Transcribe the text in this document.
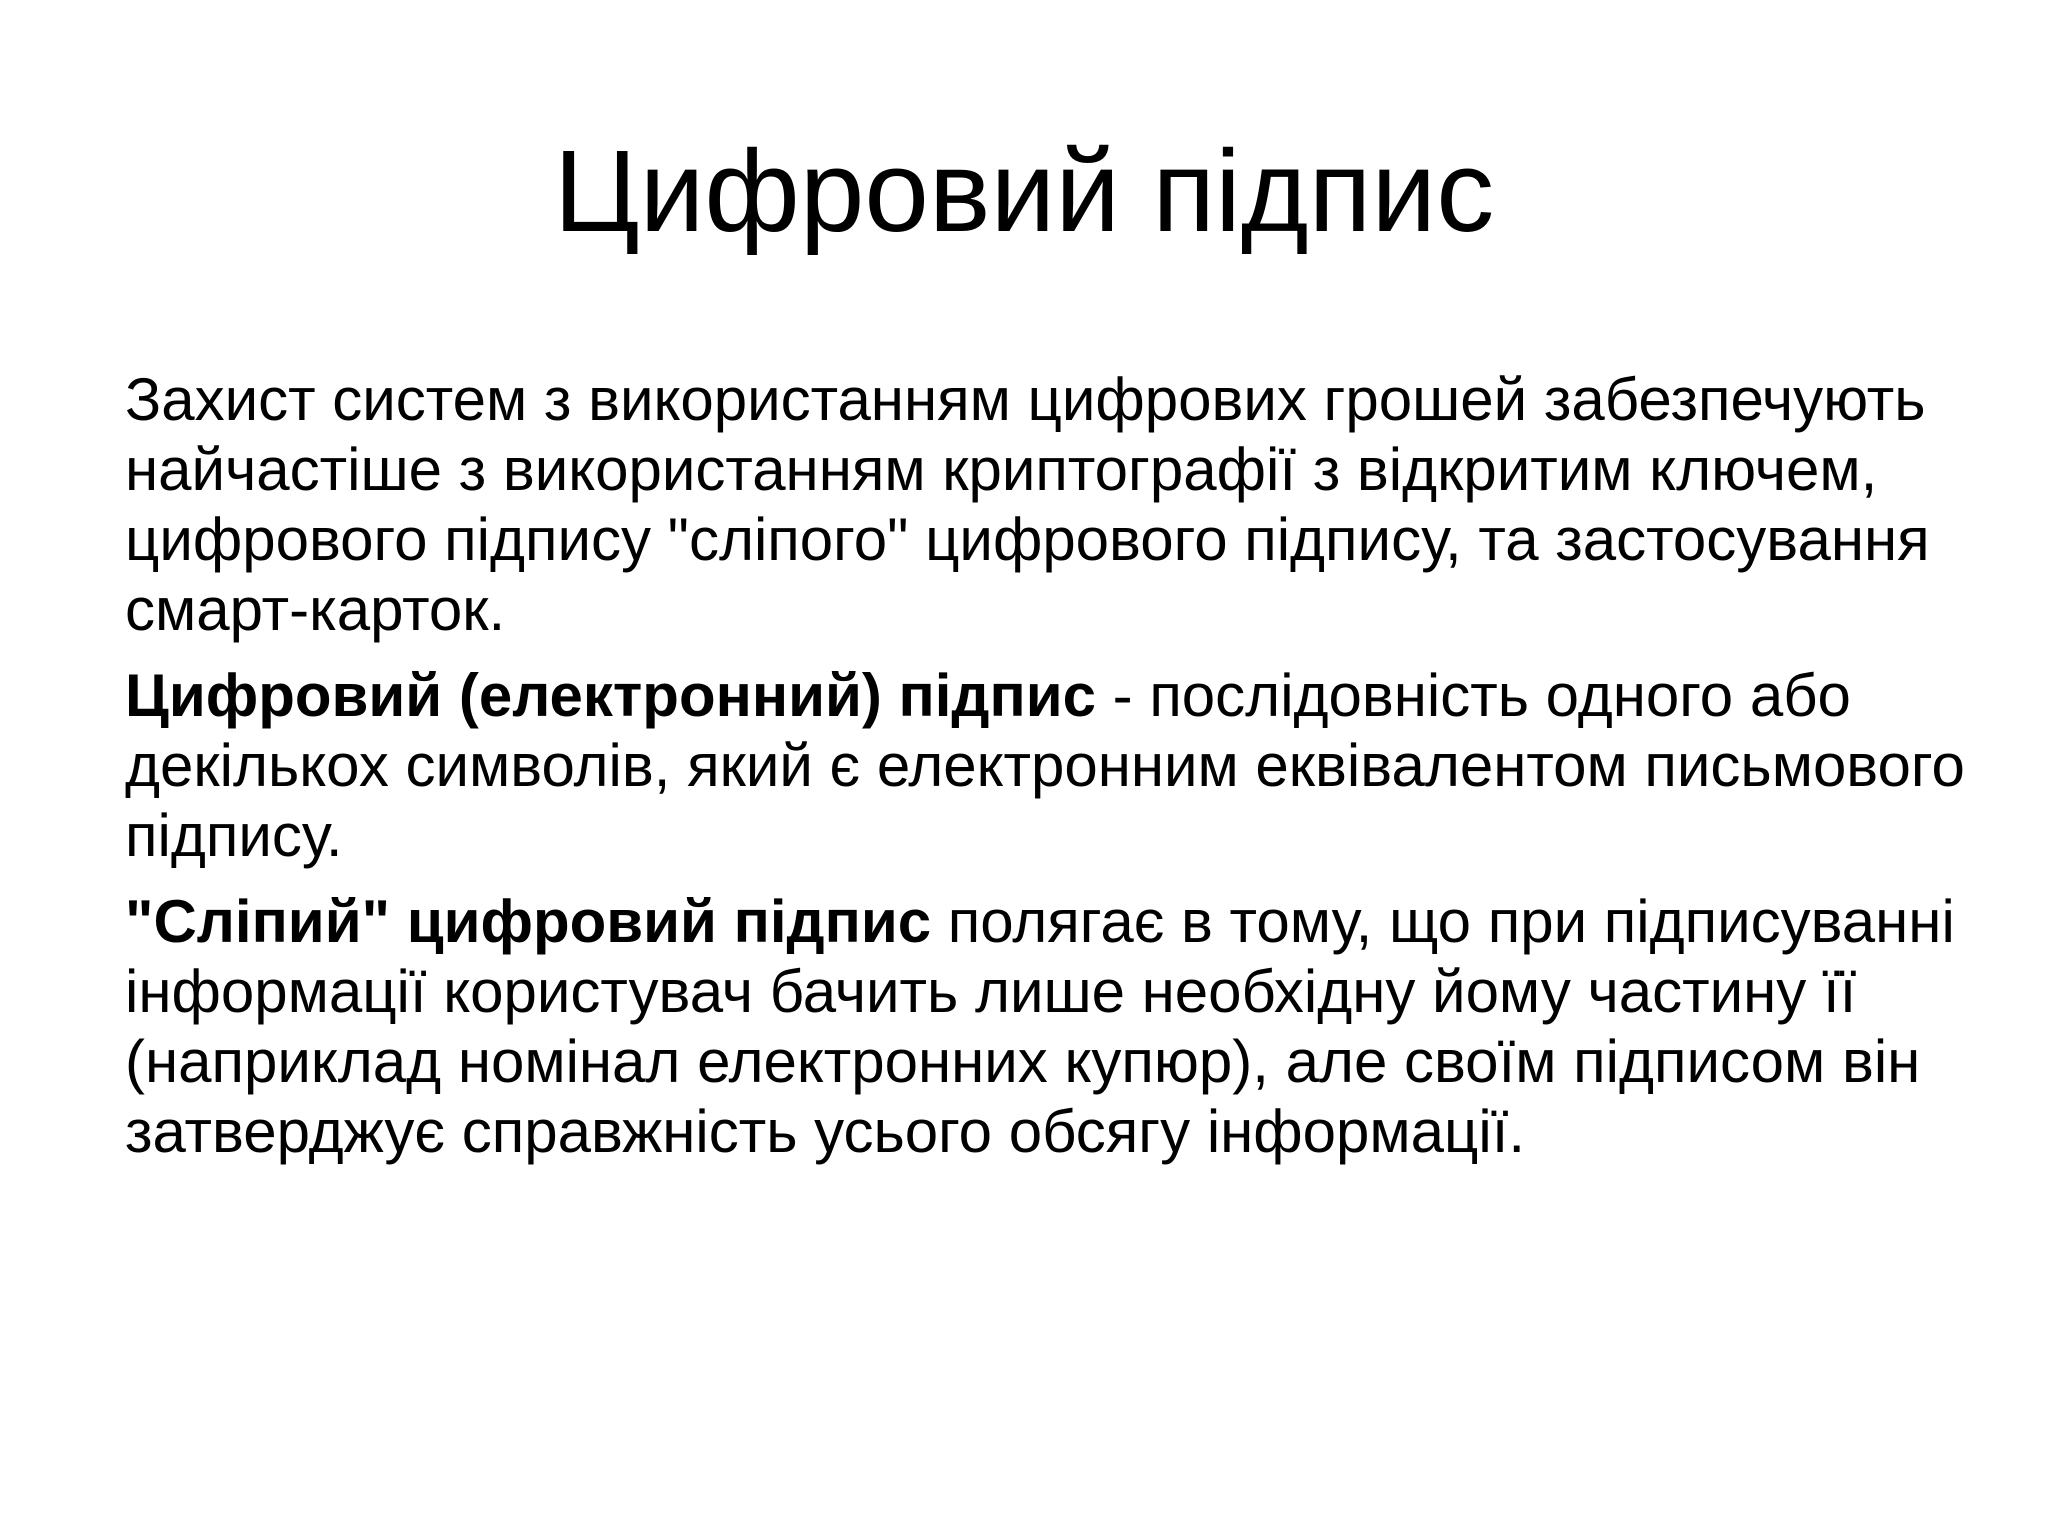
Цифровий підпис

Захист систем з використанням цифрових грошей забезпечують найчастіше з використанням криптографії з відкритим ключем, цифрового підпису "сліпого" цифрового підпису, та застосування смарт-карток.

Цифровий (електронний) підпис - послідовність одного або декількох символів, який є електронним еквівалентом письмового підпису.

"Сліпий" цифровий підпис полягає в тому, що при підписуванні інформації користувач бачить лише необхідну йому частину її (наприклад номінал електронних купюр), але своїм підписом він затверджує справжність усього обсягу інформації.
